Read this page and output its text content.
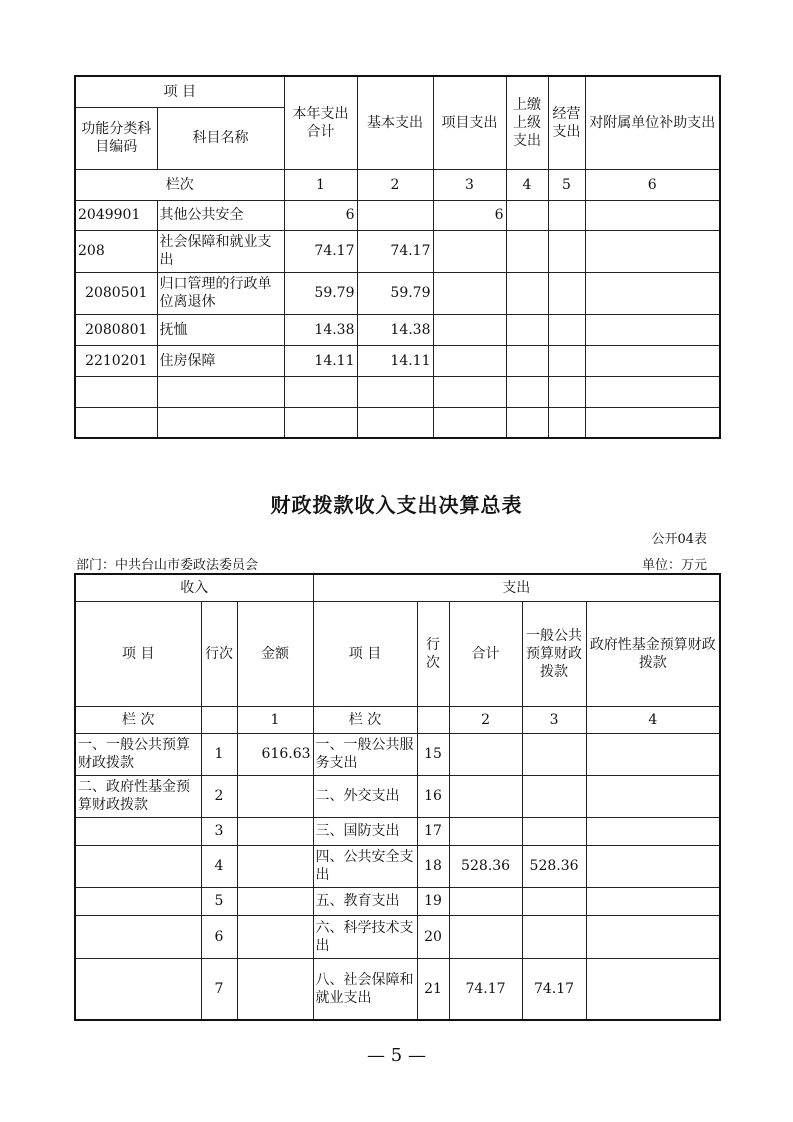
项 目		本年支出合计	基本支出	项目支出	上缴上级支出	经营支出	对附属单位补助支出
功能分类科目编码	科目名称						
栏次		1	2	3	4	5	6
2049901	其他公共安全	6		6			
208	社会保障和就业支出	74.17	74.17				
2080501	归口管理的行政单位离退休	59.79	59.79				
2080801	抚恤	14.38	14.38				
2210201	住房保障	14.11	14.11				

财政拨款收入支出决算总表
公开04表
部门：中共台山市委政法委员会	单位：万元
收入			支出				
项 目	行次	金额	项 目	行次	合计	一般公共预算财政拨款	政府性基金预算财政拨款
栏 次		1	栏 次		2	3	4
一、一般公共预算财政拨款	1	616.63	一、一般公共服务支出	15			
二、政府性基金预算财政拨款	2		二、外交支出	16			
	3		三、国防支出	17			
	4		四、公共安全支出	18	528.36	528.36	
	5		五、教育支出	19			
	6		六、科学技术支出	20			
	7		八、社会保障和就业支出	21	74.17	74.17	
— 5 —
